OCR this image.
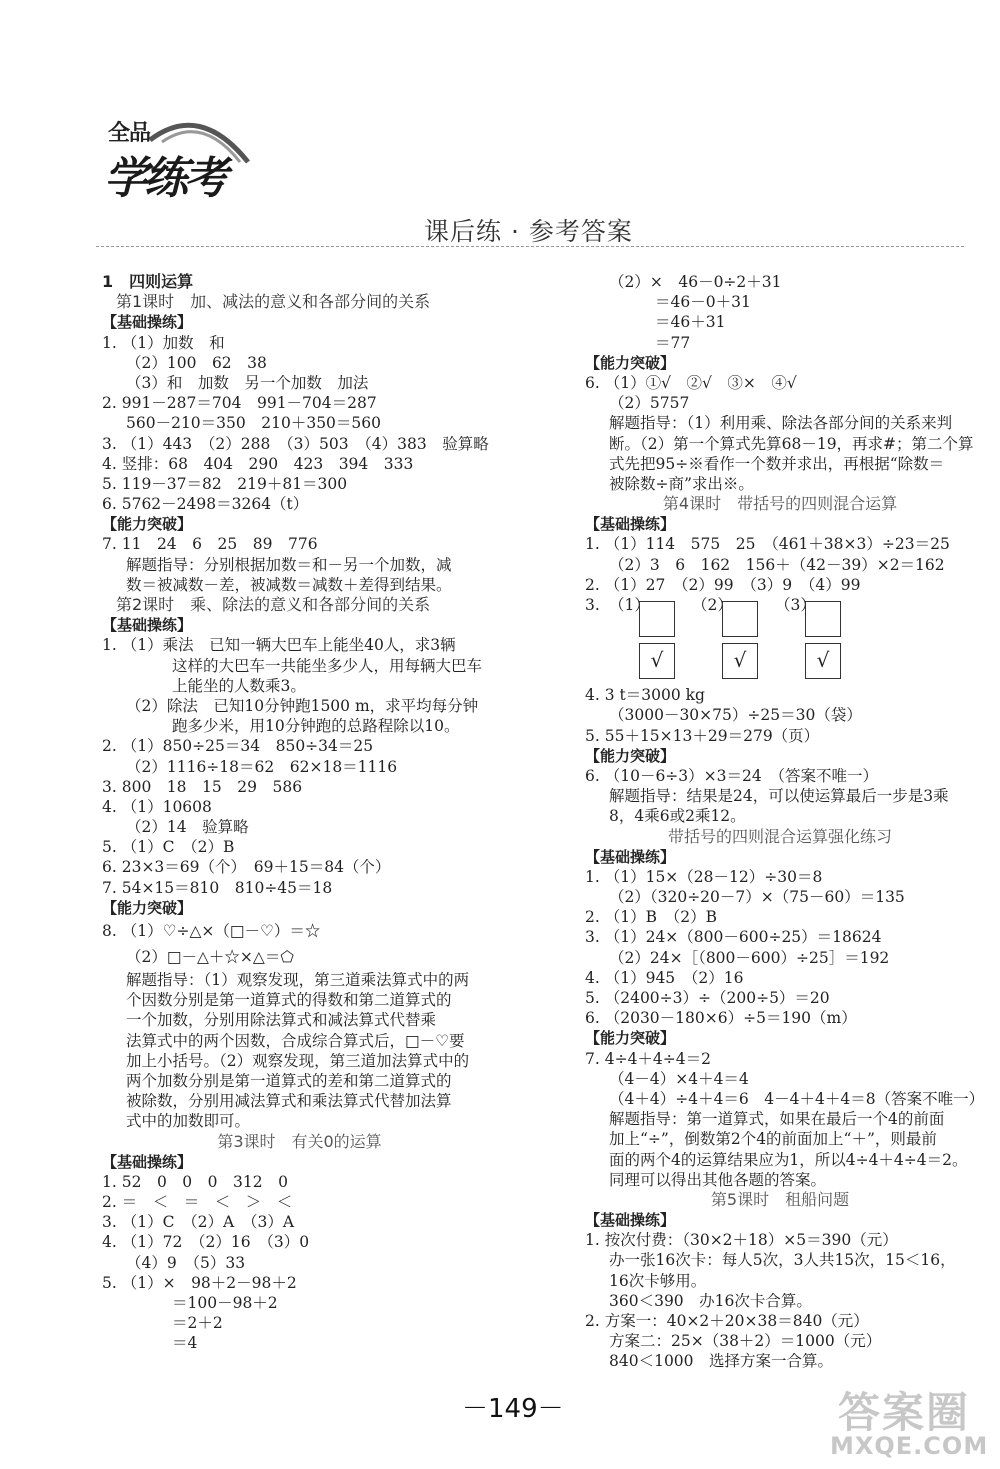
全品
学练考
课后练 · 参考答案
1　四则运算
第1课时　加、减法的意义和各部分间的关系
【基础操练】
1. （1）加数　和
（2）100　62　38
（3）和　加数　另一个加数　加法
2. 991－287＝704　991－704＝287
560－210＝350　210＋350＝560
3. （1）443　（2）288　（3）503　（4）383　验算略
4. 竖排：68　404　290　423　394　333
5. 119－37＝82　219＋81＝300
6. 5762－2498＝3264（t）
【能力突破】
7. 11　24　6　25　89　776
解题指导：分别根据加数＝和－另一个加数，减
数＝被减数－差，被减数＝减数＋差得到结果。
第2课时　乘、除法的意义和各部分间的关系
【基础操练】
1. （1）乘法　已知一辆大巴车上能坐40人，求3辆
这样的大巴车一共能坐多少人，用每辆大巴车
上能坐的人数乘3。
（2）除法　已知10分钟跑1500 m，求平均每分钟
跑多少米，用10分钟跑的总路程除以10。
2. （1）850÷25＝34　850÷34＝25
（2）1116÷18＝62　62×18＝1116
3. 800　18　15　29　586
4. （1）10608
（2）14　验算略
5. （1）C　（2）B
6. 23×3＝69（个）　69＋15＝84（个）
7. 54×15＝810　810÷45＝18
【能力突破】
8. （1）♡÷△×（□－♡）＝☆
（2）□－△＋☆×△＝⬠
解题指导：（1）观察发现，第三道乘法算式中的两
个因数分别是第一道算式的得数和第二道算式的
一个加数，分别用除法算式和减法算式代替乘
法算式中的两个因数，合成综合算式后，□－♡要
加上小括号。（2）观察发现，第三道加法算式中的
两个加数分别是第一道算式的差和第二道算式的
被除数，分别用减法算式和乘法算式代替加法算
式中的加数即可。
第3课时　有关0的运算
【基础操练】
1. 52　0　0　0　312　0
2. ＝　＜　＝　＜　＞　＜
3. （1）C　（2）A　（3）A
4. （1）72　（2）16　（3）0
（4）9　（5）33
5. （1）×　98＋2－98＋2
＝100－98＋2
＝2＋2
＝4
（2）×　46－0÷2＋31
＝46－0＋31
＝46＋31
＝77
【能力突破】
6. （1）①√　②√　③×　④√
（2）5757
解题指导：（1）利用乘、除法各部分间的关系来判
断。（2）第一个算式先算68－19，再求#；第二个算
式先把95÷※看作一个数并求出，再根据“除数＝
被除数÷商”求出※。
第4课时　带括号的四则混合运算
【基础操练】
1. （1）114　575　25　（461＋38×3）÷23＝25
（2）3　6　162　156＋（42－39）×2＝162
2. （1）27　（2）99　（3）9　（4）99
3. （1）	（2）	（3）
√	√	√
4. 3 t＝3000 kg
（3000－30×75）÷25＝30（袋）
5. 55＋15×13＋29＝279（页）
【能力突破】
6. （10－6÷3）×3＝24　（答案不唯一）
解题指导：结果是24，可以使运算最后一步是3乘
8，4乘6或2乘12。
带括号的四则混合运算强化练习
【基础操练】
1. （1）15×（28－12）÷30＝8
（2）（320÷20－7）×（75－60）＝135
2. （1）B　（2）B
3. （1）24×（800－600÷25）＝18624
（2）24×［（800－600）÷25］＝192
4. （1）945　（2）16
5. （2400÷3）÷（200÷5）＝20
6. （2030－180×6）÷5＝190（m）
【能力突破】
7. 4÷4＋4÷4＝2
（4－4）×4＋4＝4
（4＋4）÷4＋4＝6　4－4＋4＋4＝8（答案不唯一）
解题指导：第一道算式，如果在最后一个4的前面
加上“÷”，倒数第2个4的前面加上“＋”，则最前
面的两个4的运算结果应为1，所以4÷4＋4÷4＝2。
同理可以得出其他各题的答案。
第5课时　租船问题
【基础操练】
1. 按次付费：（30×2＋18）×5＝390（元）
办一张16次卡：每人5次，3人共15次，15＜16，
16次卡够用。
360＜390　办16次卡合算。
2. 方案一：40×2＋20×38＝840（元）
方案二：25×（38＋2）＝1000（元）
840＜1000　选择方案一合算。
－149－	答案圈
MXQE.COM
